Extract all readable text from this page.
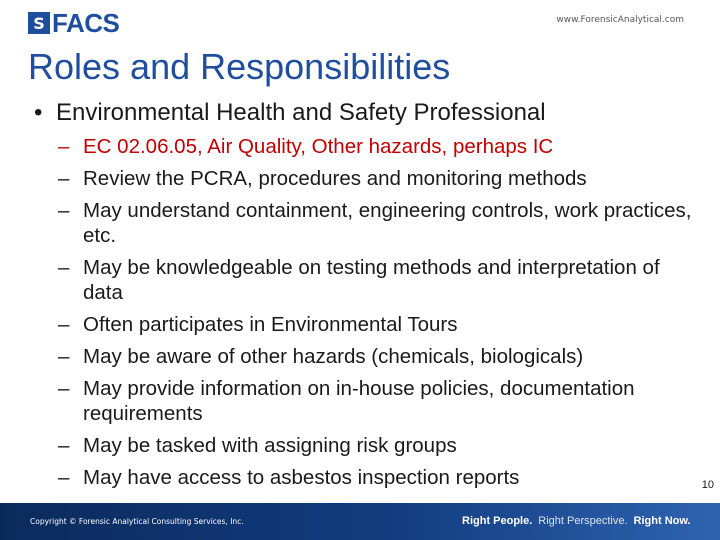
S FACS	www.ForensicAnalytical.com
Roles and Responsibilities
• Environmental Health and Safety Professional
– EC 02.06.05, Air Quality, Other hazards, perhaps IC
– Review the PCRA, procedures and monitoring methods
– May understand containment, engineering controls, work practices, etc.
– May be knowledgeable on testing methods and interpretation of data
– Often participates in Environmental Tours
– May be aware of other hazards (chemicals, biologicals)
– May provide information on in-house policies, documentation requirements
– May be tasked with assigning risk groups
– May have access to asbestos inspection reports
Copyright © Forensic Analytical Consulting Services, Inc.	Right People. Right Perspective. Right Now.
10
